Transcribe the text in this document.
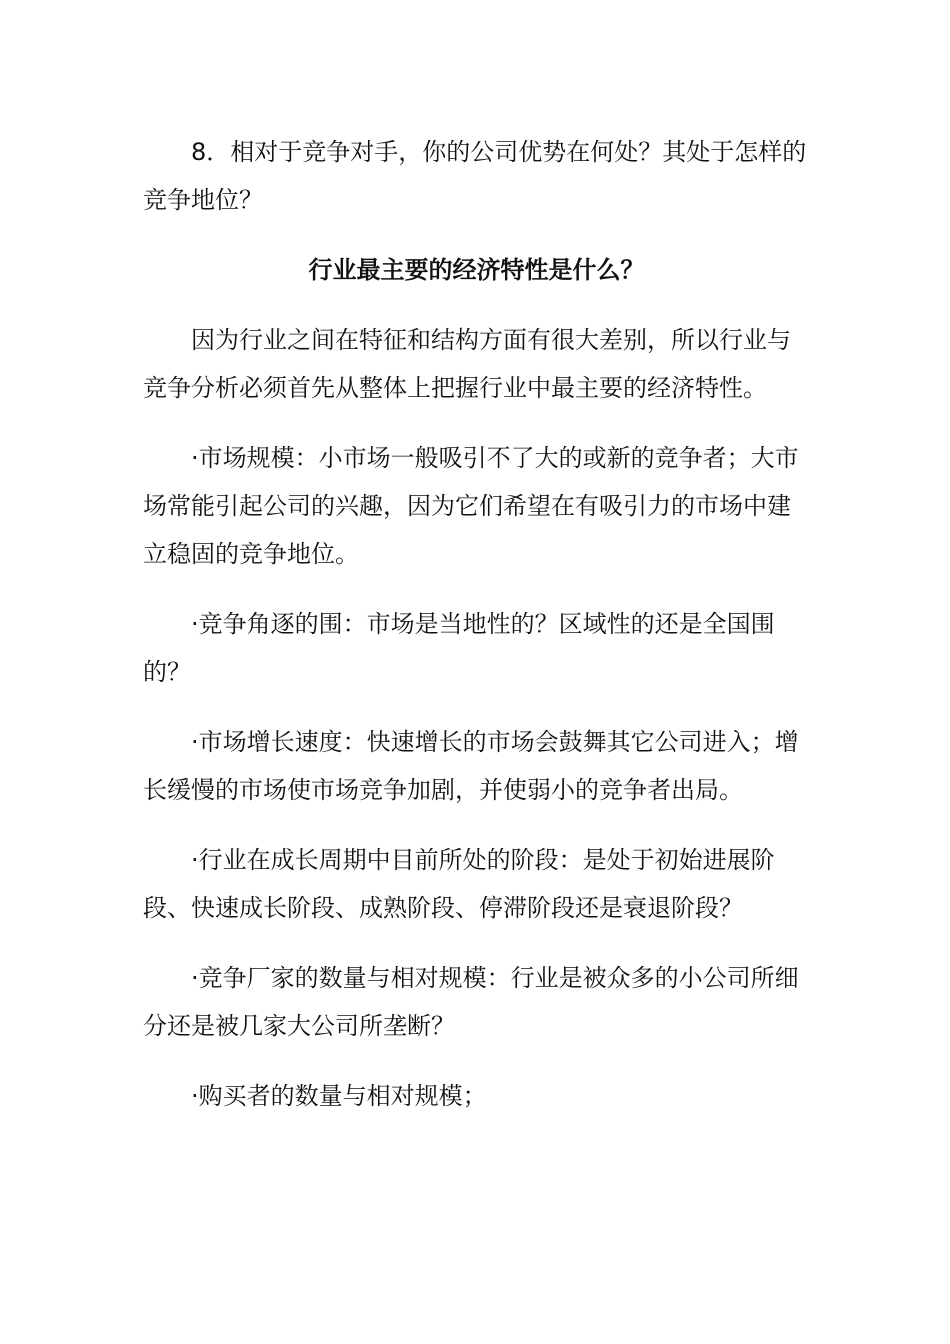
8．相对于竞争对手，你的公司优势在何处？其处于怎样的竞争地位？

行业最主要的经济特性是什么？

因为行业之间在特征和结构方面有很大差别，所以行业与竞争分析必须首先从整体上把握行业中最主要的经济特性。

·市场规模：小市场一般吸引不了大的或新的竞争者；大市场常能引起公司的兴趣，因为它们希望在有吸引力的市场中建立稳固的竞争地位。

·竞争角逐的围：市场是当地性的？区域性的还是全国围的？

·市场增长速度：快速增长的市场会鼓舞其它公司进入；增长缓慢的市场使市场竞争加剧，并使弱小的竞争者出局。

·行业在成长周期中目前所处的阶段：是处于初始进展阶段、快速成长阶段、成熟阶段、停滞阶段还是衰退阶段？

·竞争厂家的数量与相对规模：行业是被众多的小公司所细分还是被几家大公司所垄断？

·购买者的数量与相对规模；
